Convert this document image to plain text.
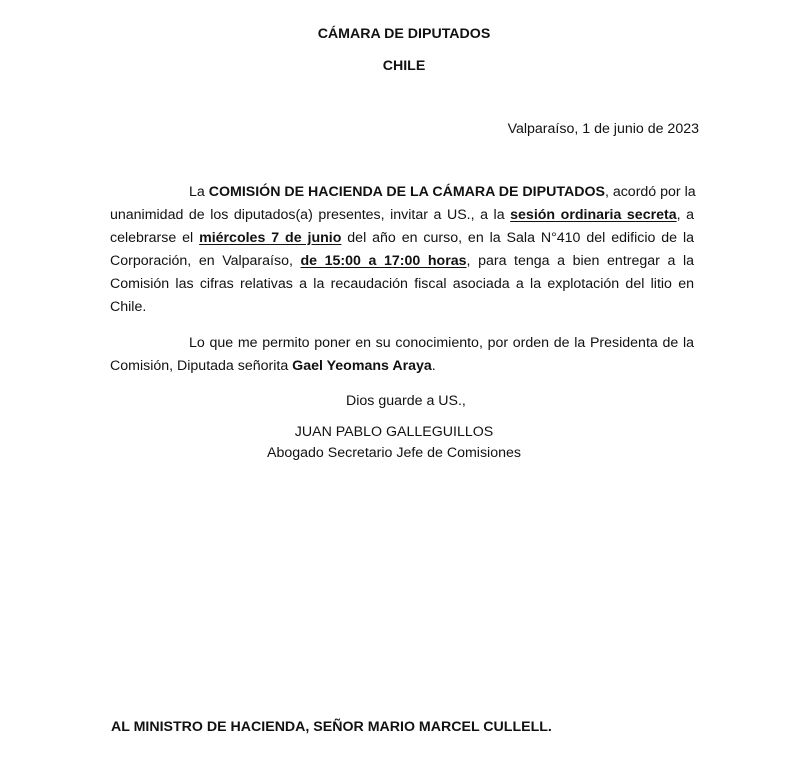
CÁMARA DE DIPUTADOS
CHILE
Valparaíso, 1 de junio de 2023
La COMISIÓN DE HACIENDA DE LA CÁMARA DE DIPUTADOS, acordó por la
unanimidad de los diputados(a) presentes, invitar a US., a la sesión ordinaria secreta, a
celebrarse el miércoles 7 de junio del año en curso, en la Sala N°410 del edificio de la
Corporación, en Valparaíso, de 15:00 a 17:00 horas, para tenga a bien entregar a la
Comisión las cifras relativas a la recaudación fiscal asociada a la explotación del litio en
Chile.
Lo que me permito poner en su conocimiento, por orden de la Presidenta de la
Comisión, Diputada señorita Gael Yeomans Araya.
Dios guarde a US.,
JUAN PABLO GALLEGUILLOS
Abogado Secretario Jefe de Comisiones
AL MINISTRO DE HACIENDA, SEÑOR MARIO MARCEL CULLELL.
